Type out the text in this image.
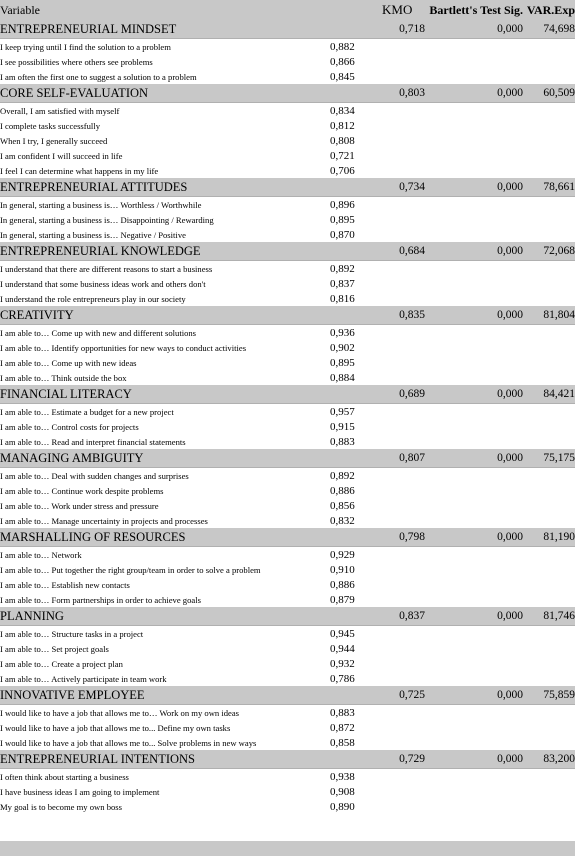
Variable		KMO	Bartlett's Test Sig.	VAR.Exp
ENTREPRENEURIAL MINDSET		0,718	0,000	74,698
I keep trying until I find the solution to a problem	0,882			
I see possibilities where others see problems	0,866			
I am often the first one to suggest a solution to a problem	0,845			
CORE SELF-EVALUATION		0,803	0,000	60,509
Overall, I am satisfied with myself	0,834			
I complete tasks successfully	0,812			
When I try, I generally succeed	0,808			
I am confident I will succeed in life	0,721			
I feel I can determine what happens in my life	0,706			
ENTREPRENEURIAL ATTITUDES		0,734	0,000	78,661
In general, starting a business is… Worthless / Worthwhile	0,896			
In general, starting a business is… Disappointing / Rewarding	0,895			
In general, starting a business is… Negative / Positive	0,870			
ENTREPRENEURIAL KNOWLEDGE		0,684	0,000	72,068
I understand that there are different reasons to start a business	0,892			
I understand that some business ideas work and others don't	0,837			
I understand the role entrepreneurs play in our society	0,816			
CREATIVITY		0,835	0,000	81,804
I am able to… Come up with new and different solutions	0,936			
I am able to… Identify opportunities for new ways to conduct activities	0,902			
I am able to… Come up with new ideas	0,895			
I am able to… Think outside the box	0,884			
FINANCIAL LITERACY		0,689	0,000	84,421
I am able to… Estimate a budget for a new project	0,957			
I am able to… Control costs for projects	0,915			
I am able to… Read and interpret financial statements	0,883			
MANAGING AMBIGUITY		0,807	0,000	75,175
I am able to… Deal with sudden changes and surprises	0,892			
I am able to… Continue work despite problems	0,886			
I am able to… Work under stress and pressure	0,856			
I am able to… Manage uncertainty in projects and processes	0,832			
MARSHALLING OF RESOURCES		0,798	0,000	81,190
I am able to… Network	0,929			
I am able to… Put together the right group/team in order to solve a problem	0,910			
I am able to… Establish new contacts	0,886			
I am able to… Form partnerships in order to achieve goals	0,879			
PLANNING		0,837	0,000	81,746
I am able to… Structure tasks in a project	0,945			
I am able to… Set project goals	0,944			
I am able to… Create a project plan	0,932			
I am able to… Actively participate in team work	0,786			
INNOVATIVE EMPLOYEE		0,725	0,000	75,859
I would like to have a job that allows me to… Work on my own ideas	0,883			
I would like to have a job that allows me to... Define my own tasks	0,872			
I would like to have a job that allows me to... Solve problems in new ways	0,858			
ENTREPRENEURIAL INTENTIONS		0,729	0,000	83,200
I often think about starting a business	0,938			
I have business ideas I am going to implement	0,908			
My goal is to become my own boss	0,890			
